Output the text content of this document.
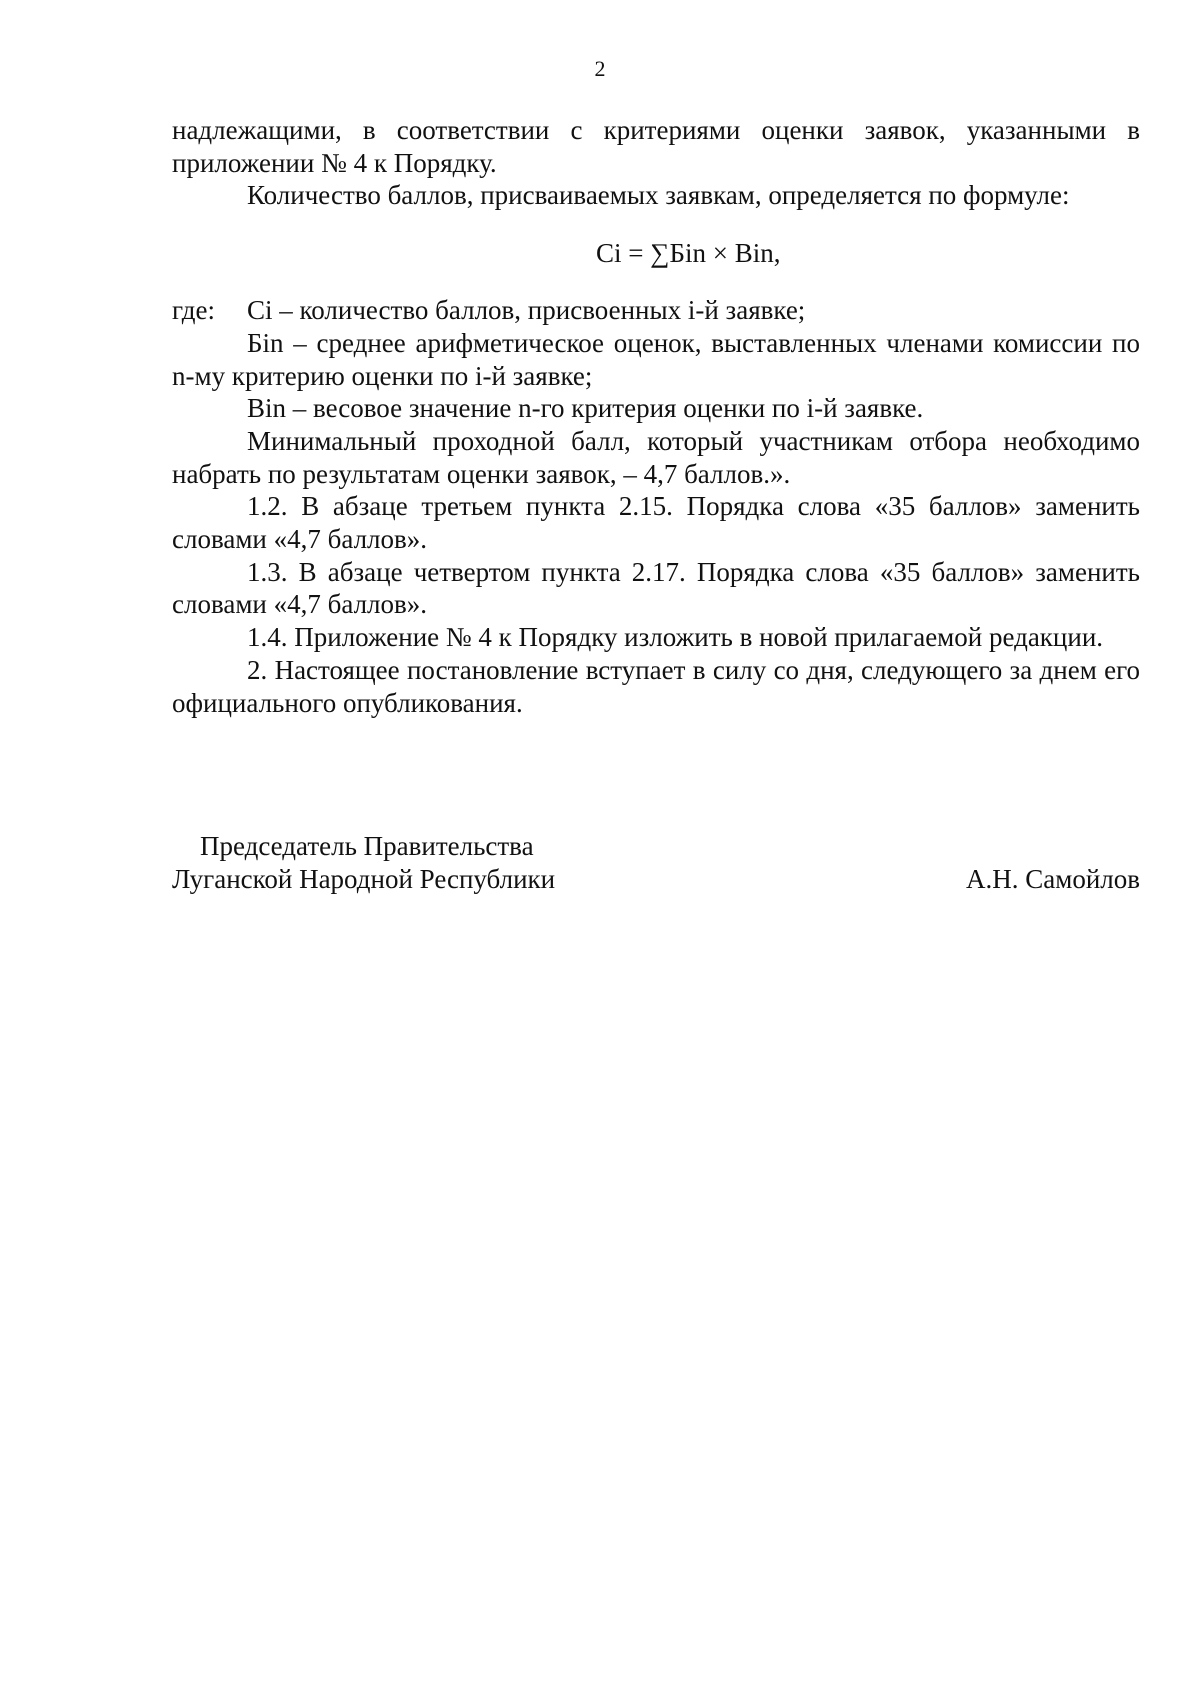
2

надлежащими, в соответствии с критериями оценки заявок, указанными в приложении № 4 к Порядку.

Количество баллов, присваиваемых заявкам, определяется по формуле:

Ci = ∑Бin × Bin,

где:	Ci – количество баллов, присвоенных i-й заявке;

Бin – среднее арифметическое оценок, выставленных членами комиссии по n-му критерию оценки по i-й заявке;

Bin – весовое значение n-го критерия оценки по i-й заявке.

Минимальный проходной балл, который участникам отбора необходимо набрать по результатам оценки заявок, – 4,7 баллов.».

1.2. В абзаце третьем пункта 2.15. Порядка слова «35 баллов» заменить словами «4,7 баллов».

1.3. В абзаце четвертом пункта 2.17. Порядка слова «35 баллов» заменить словами «4,7 баллов».

1.4. Приложение № 4 к Порядку изложить в новой прилагаемой редакции.

2. Настоящее постановление вступает в силу со дня, следующего за днем его официального опубликования.

Председатель Правительства

Луганской Народной Республики	А.Н. Самойлов
